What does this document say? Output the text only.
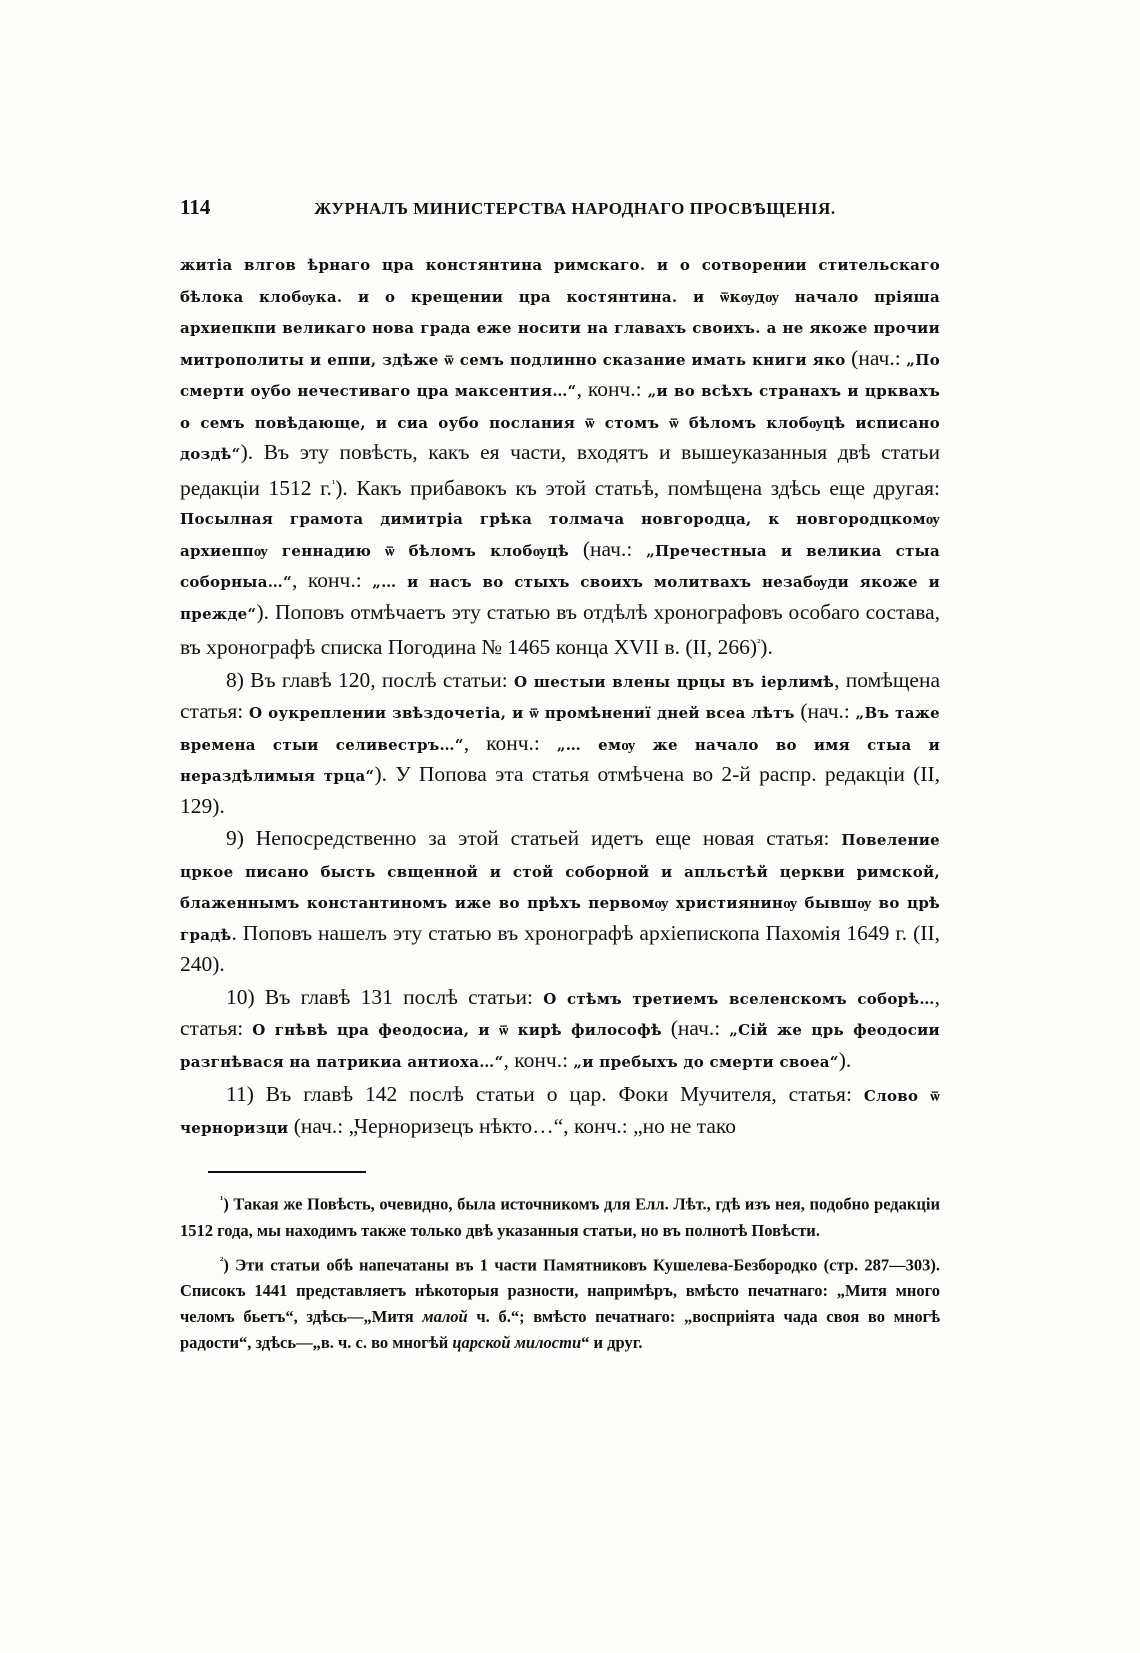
114	ЖУРНАЛЪ МИНИСТЕРСТВА НАРОДНАГО ПРОСВѢЩЕНІЯ.

житіа влгов ѣрнаго цра констянтина римскаго. и о сотворении стительскаго бѣлока клобѹка. и о крещении цра костянтина. и ѿкѹдѹ начало пріяша архиепкпи великаго нова града еже носити на главахъ своихъ. а не якоже прочии митрополиты и еппи, здѣже ѿ семъ подлинно сказание имать книги яко (нач.: „По смерти оубо нечестиваго цра максентия…“, конч.: „и во всѣхъ странахъ и црквахъ о семъ повѣдающе, и сиа оубо послания ѿ стомъ ѿ бѣломъ клобѹцѣ исписано доздѣ“). Въ эту повѣсть, какъ ея части, входятъ и вышеуказанныя двѣ статьи редакціи 1512 г.$^{^1}$). Какъ прибавокъ къ этой статьѣ, помѣщена здѣсь еще другая: Посылная грамота димитріа грѣка толмача новгородца, к новгородцкомѹ архиеппѹ геннадию ѿ бѣломъ клобѹцѣ (нач.: „Пречестныа и великиа стыа соборныа…“, конч.: „… и насъ во стыхъ своихъ молитвахъ незабѹди якоже и прежде“). Поповъ отмѣчаетъ эту статью въ отдѣлѣ хронографовъ особаго состава, въ хронографѣ списка Погодина № 1465 конца XVII в. (II, 266)$^{^2}$).

8) Въ главѣ 120, послѣ статьи: О шестыи влены црцы въ іерлимѣ, помѣщена статья: О оукреплении звѣздочетіа, и ѿ промѣнениї дней всеа лѣтъ (нач.: „Въ таже времена стыи селивестръ…“, конч.: „… емѹ же начало во имя стыа и нераздѣлимыя трца“). У Попова эта статья отмѣчена во 2-й распр. редакціи (II, 129).

9) Непосредственно за этой статьей идетъ еще новая статья: Повеление цркое писано бысть свщенной и стой соборной и апльстѣй церкви римской, блаженнымъ константиномъ иже во прѣхъ первомѹ християнинѹ бывшѹ во црѣ градѣ. Поповъ нашелъ эту статью въ хронографѣ архіепископа Пахомія 1649 г. (II, 240).

10) Въ главѣ 131 послѣ статьи: О стѣмъ третиемъ вселенскомъ соборѣ…, статья: О гнѣвѣ цра феодосиа, и ѿ кирѣ философѣ (нач.: „Сій же црь феодосии разгнѣвася на патрикиа антиоха…“, конч.: „и пребыхъ до смерти своеа“).

11) Въ главѣ 142 послѣ статьи о цар. Фоки Мучителя, статья: Слово ѿ черноризци (нач.: „Черноризецъ нѣкто…“, конч.: „но не тако

$^{^1}$) Такая же Повѣсть, очевидно, была источникомъ для Елл. Лѣт., гдѣ изъ нея, подобно редакціи 1512 года, мы находимъ также только двѣ указанныя статьи, но въ полнотѣ Повѣсти.

$^{^2}$) Эти статьи обѣ напечатаны въ 1 части Памятниковъ Кушелева-Безбородко (стр. 287—303). Списокъ 1441 представляетъ нѣкоторыя разности, напримѣръ, вмѣсто печатнаго: „Митя много челомъ бьетъ“, здѣсь—„Митя малой ч. б.“; вмѣсто печатнаго: „восприіята чада своя во многѣ радости“, здѣсь—„в. ч. с. во многѣй царской милости“ и друг.
